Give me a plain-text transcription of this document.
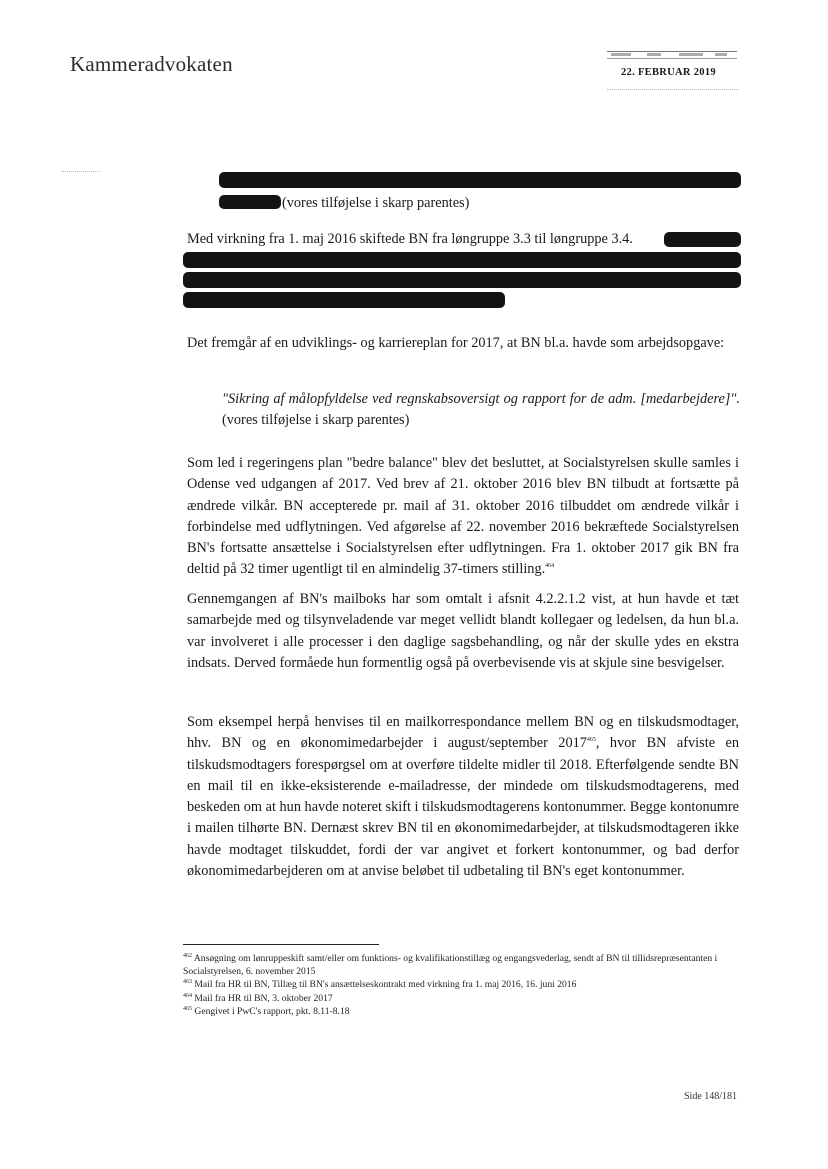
Kammeradvokaten	22. FEBRUAR 2019
(vores tilføjelse i skarp parentes)
Med virkning fra 1. maj 2016 skiftede BN fra løngruppe 3.3 til løngruppe 3.4.
Det fremgår af en udviklings- og karriereplan for 2017, at BN bl.a. havde som arbejdsopgave:
"Sikring af målopfyldelse ved regnskabsoversigt og rapport for de adm. [medarbejdere]". (vores tilføjelse i skarp parentes)
Som led i regeringens plan "bedre balance" blev det besluttet, at Socialstyrelsen skulle samles i Odense ved udgangen af 2017. Ved brev af 21. oktober 2016 blev BN tilbudt at fortsætte på ændrede vilkår. BN accepterede pr. mail af 31. oktober 2016 tilbuddet om ændrede vilkår i forbindelse med udflytningen. Ved afgørelse af 22. november 2016 bekræftede Socialstyrelsen BN's fortsatte ansættelse i Socialstyrelsen efter udflytningen. Fra 1. oktober 2017 gik BN fra deltid på 32 timer ugentligt til en almindelig 37-timers stilling.$^{464}$
Gennemgangen af BN's mailboks har som omtalt i afsnit 4.2.2.1.2 vist, at hun havde et tæt samarbejde med og tilsynveladende var meget vellidt blandt kollegaer og ledelsen, da hun bl.a. var involveret i alle processer i den daglige sagsbehandling, og når der skulle ydes en ekstra indsats. Derved formåede hun formentlig også på overbevisende vis at skjule sine besvigelser.
Som eksempel herpå henvises til en mailkorrespondance mellem BN og en tilskudsmodtager, hhv. BN og en økonomimedarbejder i august/september 2017$^{465}$, hvor BN afviste en tilskudsmodtagers forespørgsel om at overføre tildelte midler til 2018. Efterfølgende sendte BN en mail til en ikke-eksisterende e-mailadresse, der mindede om tilskudsmodtagerens, med beskeden om at hun havde noteret skift i tilskudsmodtagerens kontonummer. Begge kontonumre i mailen tilhørte BN. Dernæst skrev BN til en økonomimedarbejder, at tilskudsmodtageren ikke havde modtaget tilskuddet, fordi der var angivet et forkert kontonummer, og bad derfor økonomimedarbejderen om at anvise beløbet til udbetaling til BN's eget kontonummer.
$^{462}$ Ansøgning om lønruppeskift samt/eller om funktions- og kvalifikationstillæg og engangsvederlag, sendt af BN til tillidsrepræsentanten i Socialstyrelsen, 6. november 2015
$^{463}$ Mail fra HR til BN, Tillæg til BN's ansættelseskontrakt med virkning fra 1. maj 2016, 16. juni 2016
$^{464}$ Mail fra HR til BN, 3. oktober 2017
$^{465}$ Gengivet i PwC's rapport, pkt. 8.11-8.18
Side 148/181
